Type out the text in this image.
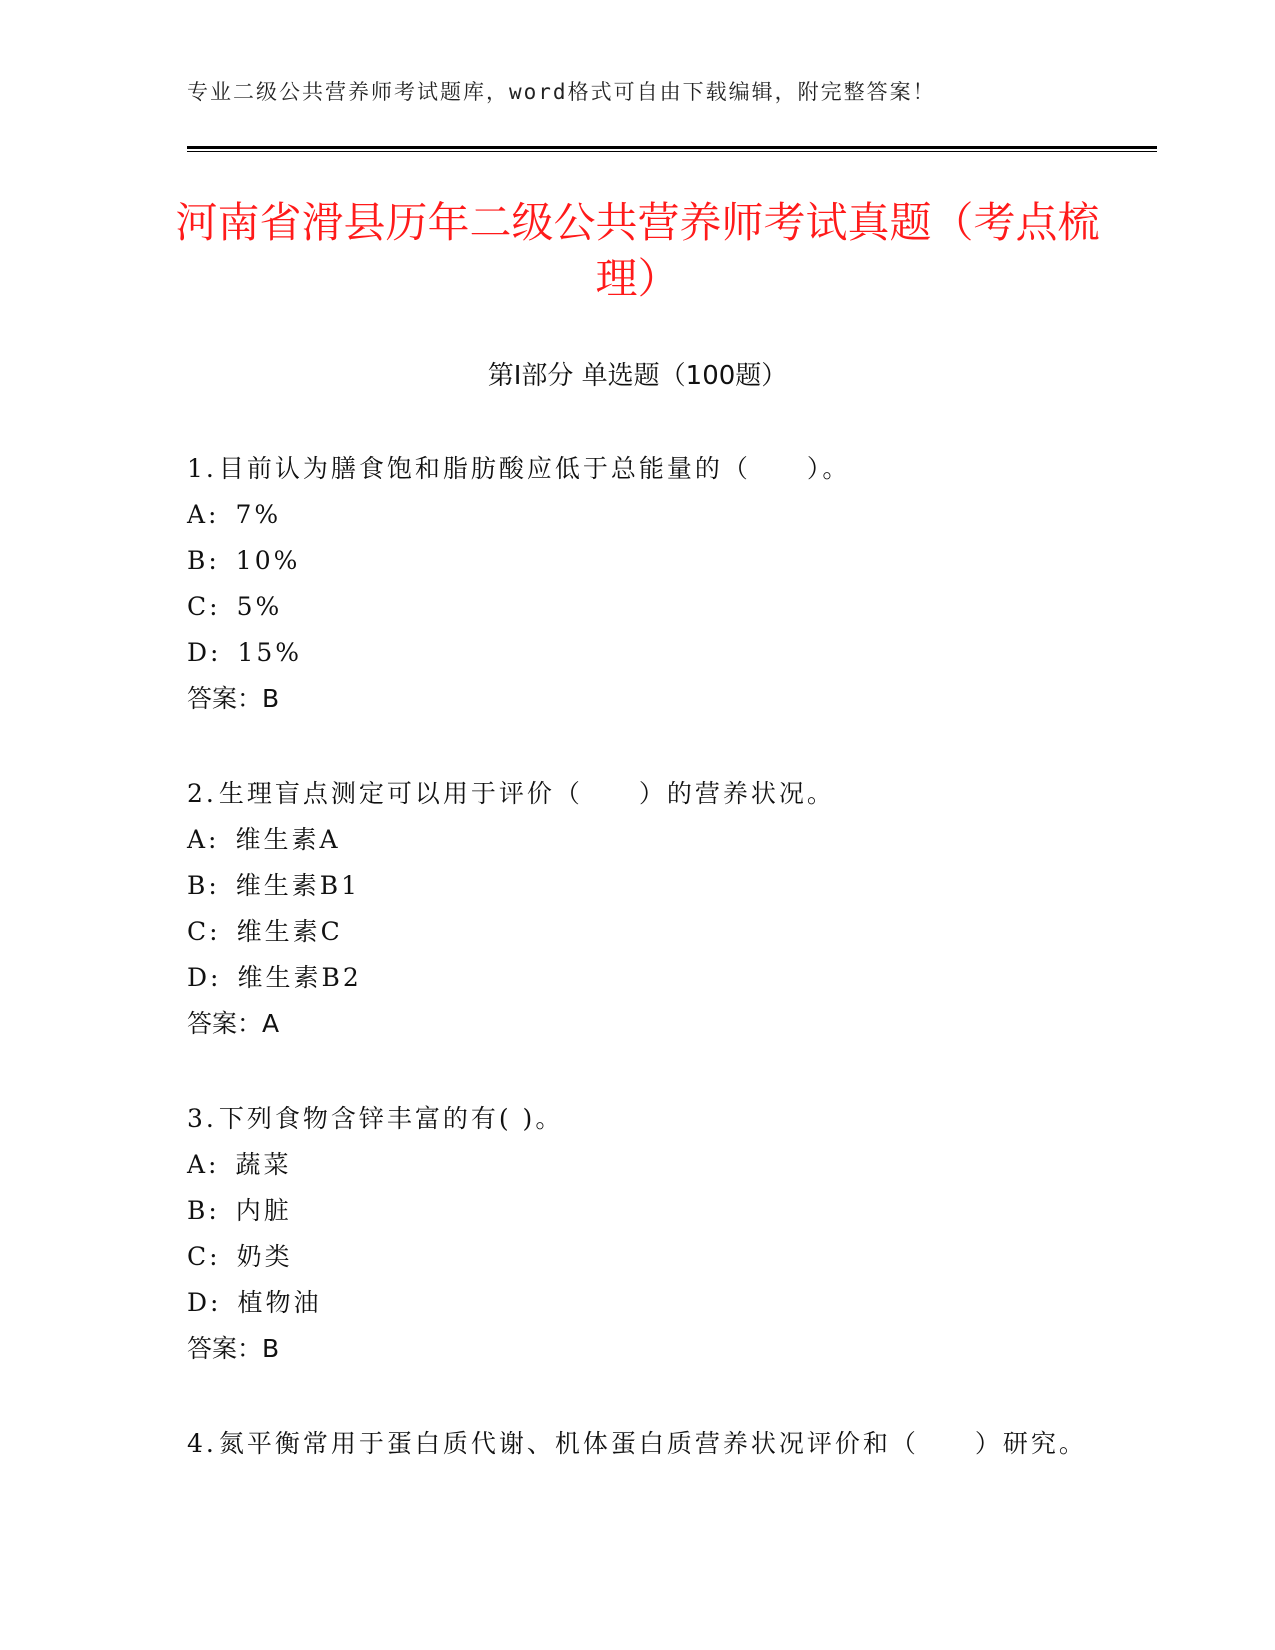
专业二级公共营养师考试题库，word格式可自由下载编辑，附完整答案！
河南省滑县历年二级公共营养师考试真题（考点梳理）
第Ⅰ部分 单选题（100题）

1.目前认为膳食饱和脂肪酸应低于总能量的（　　）。

A: 7%

B: 10%

C: 5%

D: 15%

答案：B

2.生理盲点测定可以用于评价（　　）的营养状况。

A: 维生素A

B: 维生素B1

C: 维生素C

D: 维生素B2

答案：A

3.下列食物含锌丰富的有( )。

A: 蔬菜

B: 内脏

C: 奶类

D: 植物油

答案：B

4.氮平衡常用于蛋白质代谢、机体蛋白质营养状况评价和（　　）研究。
